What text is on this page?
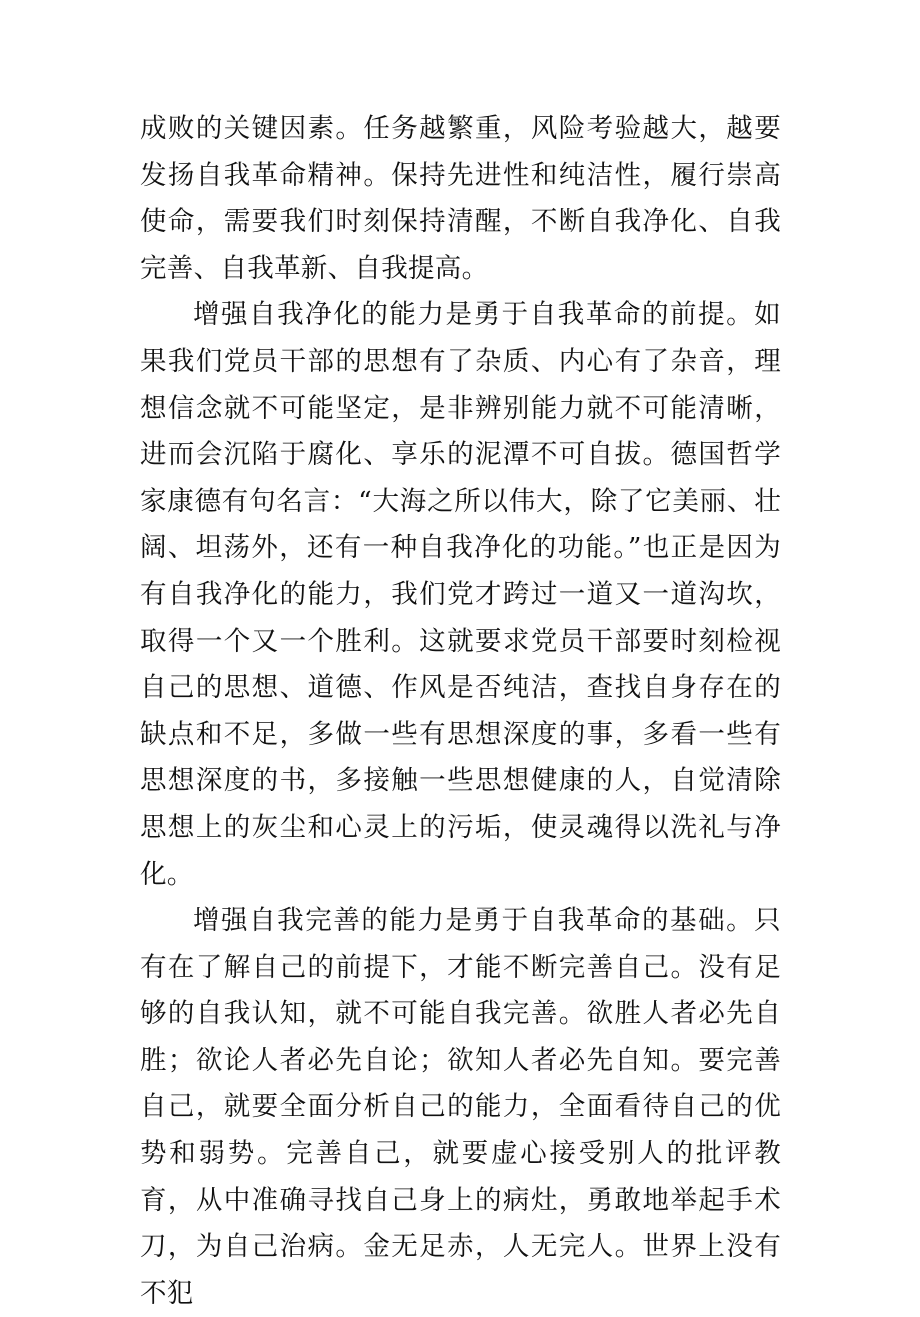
成败的关键因素。任务越繁重，风险考验越大，越要发扬自我革命精神。保持先进性和纯洁性，履行崇高使命，需要我们时刻保持清醒，不断自我净化、自我完善、自我革新、自我提高。

增强自我净化的能力是勇于自我革命的前提。如果我们党员干部的思想有了杂质、内心有了杂音，理想信念就不可能坚定，是非辨别能力就不可能清晰，进而会沉陷于腐化、享乐的泥潭不可自拔。德国哲学家康德有句名言：“大海之所以伟大，除了它美丽、壮阔、坦荡外，还有一种自我净化的功能。”也正是因为有自我净化的能力，我们党才跨过一道又一道沟坎，取得一个又一个胜利。这就要求党员干部要时刻检视自己的思想、道德、作风是否纯洁，查找自身存在的缺点和不足，多做一些有思想深度的事，多看一些有思想深度的书，多接触一些思想健康的人，自觉清除思想上的灰尘和心灵上的污垢，使灵魂得以洗礼与净化。

增强自我完善的能力是勇于自我革命的基础。只有在了解自己的前提下，才能不断完善自己。没有足够的自我认知，就不可能自我完善。欲胜人者必先自胜；欲论人者必先自论；欲知人者必先自知。要完善自己，就要全面分析自己的能力，全面看待自己的优势和弱势。完善自己，就要虚心接受别人的批评教育，从中准确寻找自己身上的病灶，勇敢地举起手术刀，为自己治病。金无足赤，人无完人。世界上没有不犯
